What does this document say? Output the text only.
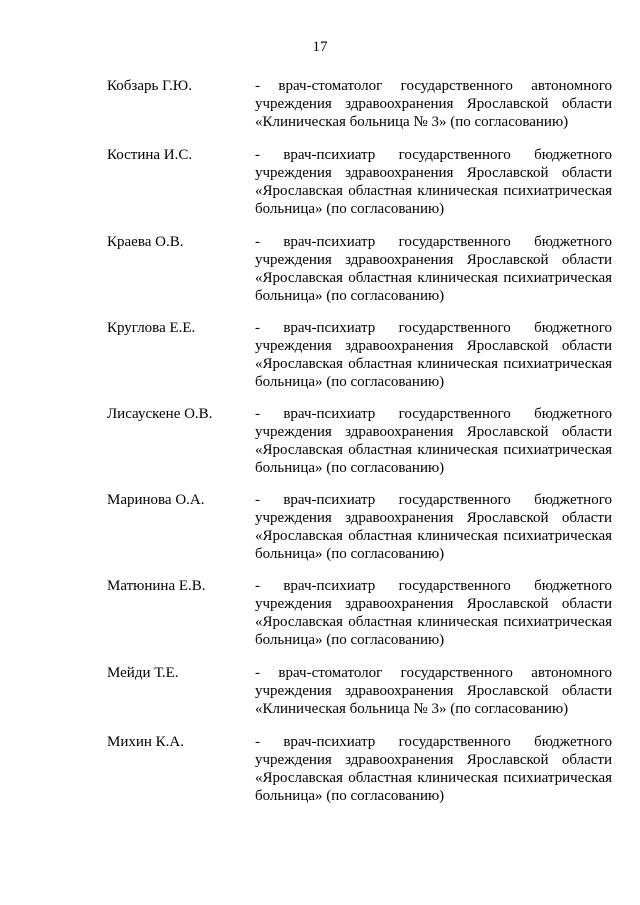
17
Кобзарь Г.Ю.	- врач-стоматолог государственного автономного
учреждения здравоохранения Ярославской области
«Клиническая больница № 3» (по согласованию)
Костина И.С.	- врач-психиатр государственного бюджетного
учреждения здравоохранения Ярославской области
«Ярославская областная клиническая психиатрическая
больница» (по согласованию)
Краева О.В.	- врач-психиатр государственного бюджетного
учреждения здравоохранения Ярославской области
«Ярославская областная клиническая психиатрическая
больница» (по согласованию)
Круглова Е.Е.	- врач-психиатр государственного бюджетного
учреждения здравоохранения Ярославской области
«Ярославская областная клиническая психиатрическая
больница» (по согласованию)
Лисаускене О.В.	- врач-психиатр государственного бюджетного
учреждения здравоохранения Ярославской области
«Ярославская областная клиническая психиатрическая
больница» (по согласованию)
Маринова О.А.	- врач-психиатр государственного бюджетного
учреждения здравоохранения Ярославской области
«Ярославская областная клиническая психиатрическая
больница» (по согласованию)
Матюнина Е.В.	- врач-психиатр государственного бюджетного
учреждения здравоохранения Ярославской области
«Ярославская областная клиническая психиатрическая
больница» (по согласованию)
Мейди Т.Е.	- врач-стоматолог государственного автономного
учреждения здравоохранения Ярославской области
«Клиническая больница № 3» (по согласованию)
Михин К.А.	- врач-психиатр государственного бюджетного
учреждения здравоохранения Ярославской области
«Ярославская областная клиническая психиатрическая
больница» (по согласованию)
